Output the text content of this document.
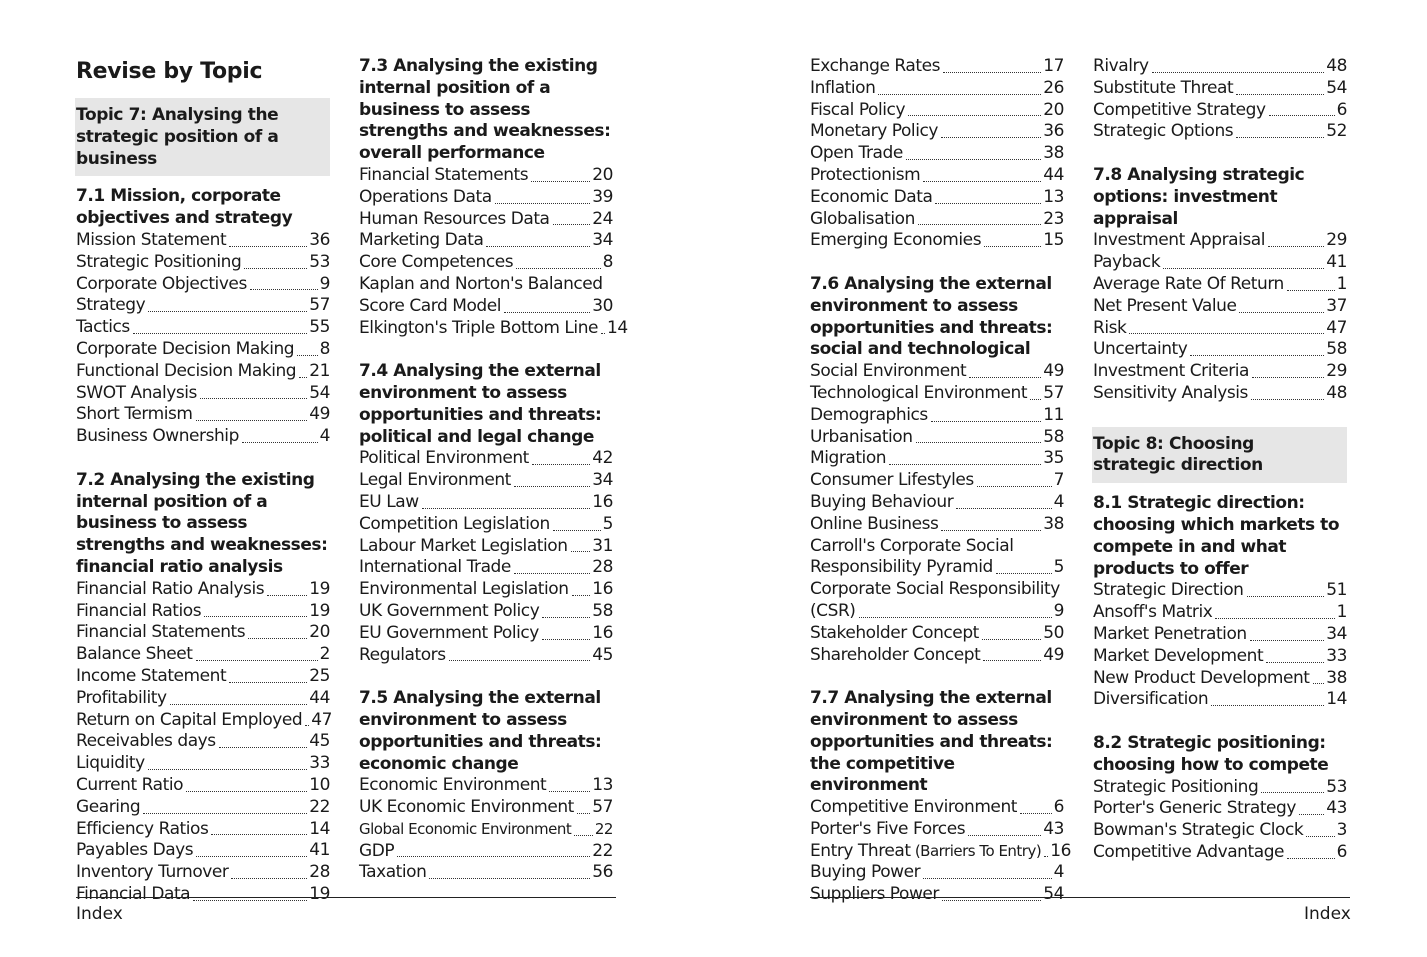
Revise by Topic
Topic 7: Analysing the strategic position of a business
7.1 Mission, corporate objectives and strategy
Mission Statement	36
Strategic Positioning	53
Corporate Objectives	9
Strategy	57
Tactics	55
Corporate Decision Making 8
Functional Decision Making 21
SWOT Analysis	54
Short Termism	49
Business Ownership	4
7.2 Analysing the existing internal position of a business to assess strengths and weaknesses: financial ratio analysis
Financial Ratio Analysis	19
Financial Ratios	19
Financial Statements	20
Balance Sheet	2
Income Statement	25
Profitability	44
Return on Capital Employed 47
Receivables days	45
Liquidity	33
Current Ratio	10
Gearing	22
Efficiency Ratios	14
Payables Days	41
Inventory Turnover	28
Financial Data	19
7.3 Analysing the existing internal position of a business to assess strengths and weaknesses: overall performance
Financial Statements	20
Operations Data	39
Human Resources Data	24
Marketing Data	34
Core Competences	8
Kaplan and Norton's Balanced
Score Card Model	30
Elkington's Triple Bottom Line 14
7.4 Analysing the external environment to assess opportunities and threats: political and legal change
Political Environment	42
Legal Environment	34
EU Law	16
Competition Legislation	5
Labour Market Legislation 31
International Trade	28
Environmental Legislation 16
UK Government Policy	58
EU Government Policy	16
Regulators	45
7.5 Analysing the external environment to assess opportunities and threats: economic change
Economic Environment	13
UK Economic Environment 57
Global Economic Environment 22
GDP	22
Taxation	56
Exchange Rates	17
Inflation	26
Fiscal Policy	20
Monetary Policy	36
Open Trade	38
Protectionism	44
Economic Data	13
Globalisation	23
Emerging Economies	15
7.6 Analysing the external environment to assess opportunities and threats: social and technological
Social Environment	49
Technological Environment 57
Demographics	11
Urbanisation	58
Migration	35
Consumer Lifestyles	7
Buying Behaviour	4
Online Business	38
Carroll's Corporate Social
Responsibility Pyramid	5
Corporate Social Responsibility
(CSR)	9
Stakeholder Concept	50
Shareholder Concept	49
7.7 Analysing the external environment to assess opportunities and threats: the competitive environment
Competitive Environment 6
Porter's Five Forces	43
Entry Threat (Barriers To Entry) 16
Buying Power	4
Suppliers Power	54
Rivalry	48
Substitute Threat	54
Competitive Strategy	6
Strategic Options	52
7.8 Analysing strategic options: investment appraisal
Investment Appraisal	29
Payback	41
Average Rate Of Return	1
Net Present Value	37
Risk	47
Uncertainty	58
Investment Criteria	29
Sensitivity Analysis	48
Topic 8: Choosing strategic direction
8.1 Strategic direction: choosing which markets to compete in and what products to offer
Strategic Direction	51
Ansoff's Matrix	1
Market Penetration	34
Market Development	33
New Product Development 38
Diversification	14
8.2 Strategic positioning: choosing how to compete
Strategic Positioning	53
Porter's Generic Strategy 43
Bowman's Strategic Clock 3
Competitive Advantage	6
Index	Index
